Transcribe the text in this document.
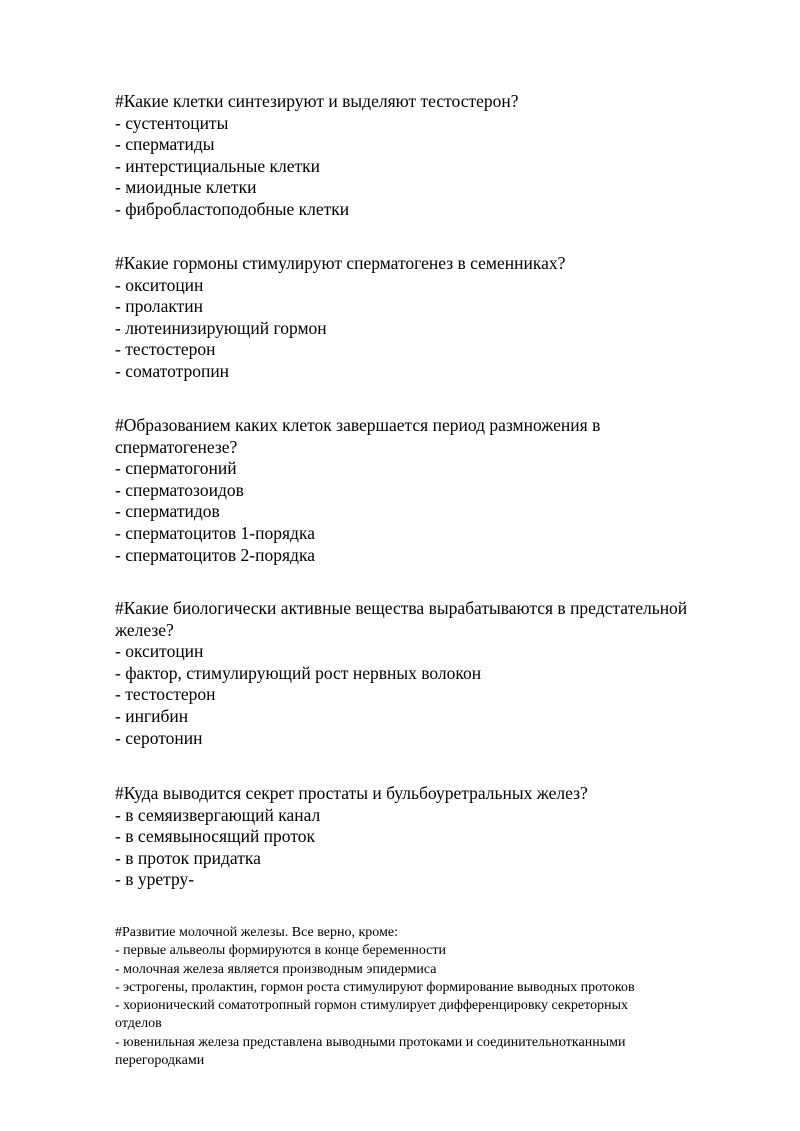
#Какие клетки синтезируют и выделяют тестостерон?
- сустентоциты
- сперматиды
- интерстициальные клетки
- миоидные клетки
- фибробластоподобные клетки
#Какие гормоны стимулируют сперматогенез в семенниках?
- окситоцин
- пролактин
- лютеинизирующий гормон
- тестостерон
- соматотропин
#Образованием каких клеток завершается период размножения в
сперматогенезе?
- сперматогоний
- сперматозоидов
- сперматидов
- сперматоцитов 1-порядка
- сперматоцитов 2-порядка
#Какие биологически активные вещества вырабатываются в предстательной
железе?
- окситоцин
- фактор, стимулирующий рост нервных волокон
- тестостерон
- ингибин
- серотонин
#Куда выводится секрет простаты и бульбоуретральных желез?
- в семяизвергающий канал
- в семявыносящий проток
- в проток придатка
- в уретру-
#Развитие молочной железы. Все верно, кроме:
- первые альвеолы формируются в конце беременности
- молочная железа является производным эпидермиса
- эстрогены, пролактин, гормон роста стимулируют формирование выводных протоков
- хорионический соматотропный гормон стимулирует дифференцировку секреторных
отделов
- ювенильная железа представлена выводными протоками и соединительнотканными
перегородками
